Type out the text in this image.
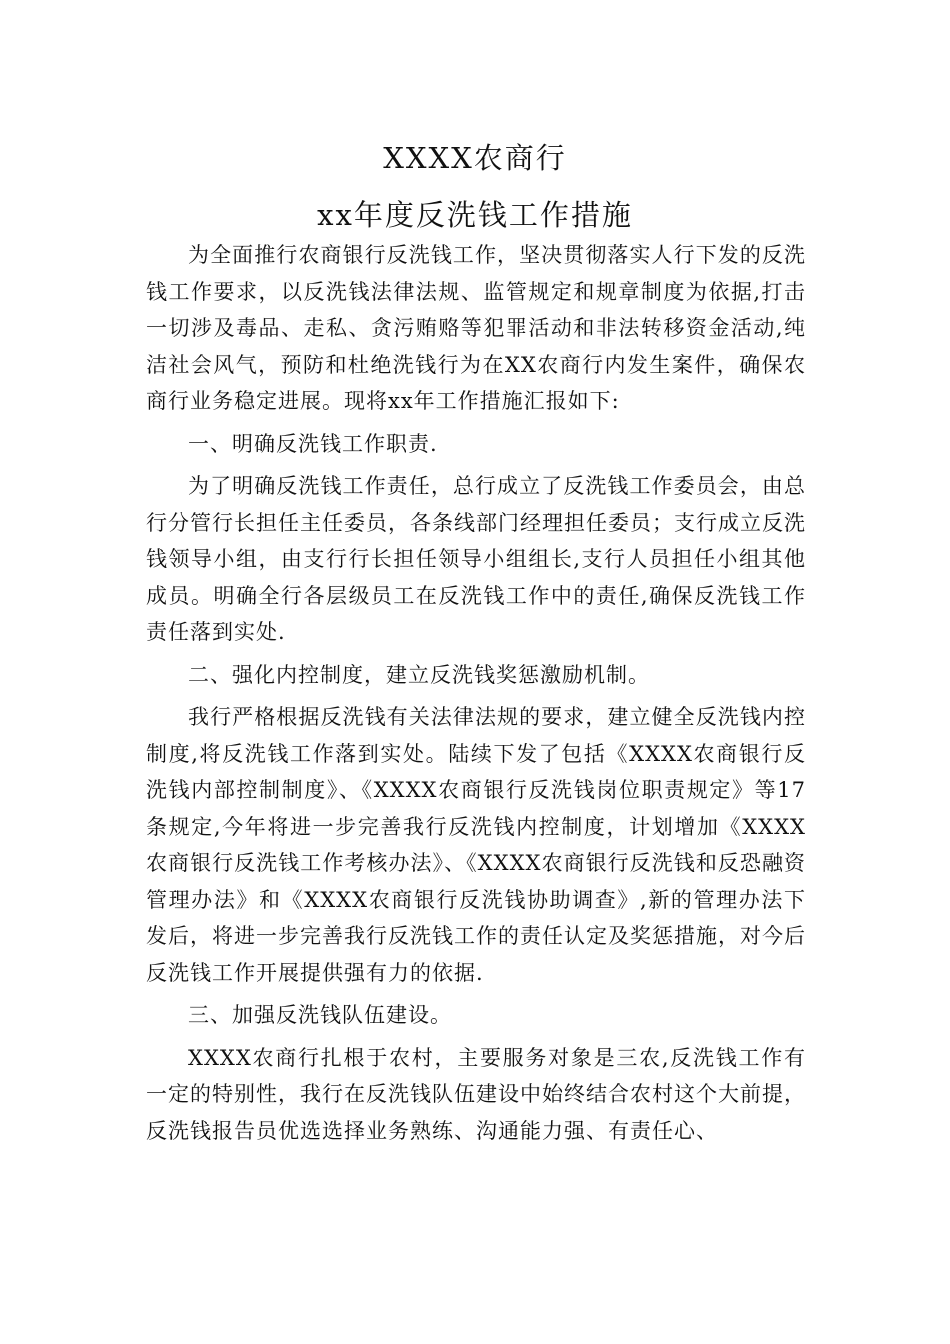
XXXX农商行
xx年度反洗钱工作措施

为全面推行农商银行反洗钱工作，坚决贯彻落实人行下发的反洗钱工作要求，以反洗钱法律法规、监管规定和规章制度为依据,打击一切涉及毒品、走私、贪污贿赂等犯罪活动和非法转移资金活动,纯洁社会风气，预防和杜绝洗钱行为在XX农商行内发生案件，确保农商行业务稳定进展。现将xx年工作措施汇报如下:

一、明确反洗钱工作职责.

为了明确反洗钱工作责任，总行成立了反洗钱工作委员会，由总行分管行长担任主任委员，各条线部门经理担任委员；支行成立反洗钱领导小组，由支行行长担任领导小组组长,支行人员担任小组其他成员。明确全行各层级员工在反洗钱工作中的责任,确保反洗钱工作责任落到实处.

二、强化内控制度，建立反洗钱奖惩激励机制。

我行严格根据反洗钱有关法律法规的要求，建立健全反洗钱内控制度,将反洗钱工作落到实处。陆续下发了包括《XXXX农商银行反洗钱内部控制制度》、《XXXX农商银行反洗钱岗位职责规定》等17条规定,今年将进一步完善我行反洗钱内控制度，计划增加《XXXX农商银行反洗钱工作考核办法》、《XXXX农商银行反洗钱和反恐融资管理办法》和《XXXX农商银行反洗钱协助调查》,新的管理办法下发后，将进一步完善我行反洗钱工作的责任认定及奖惩措施，对今后反洗钱工作开展提供强有力的依据.

三、加强反洗钱队伍建设。

XXXX农商行扎根于农村，主要服务对象是三农,反洗钱工作有一定的特别性，我行在反洗钱队伍建设中始终结合农村这个大前提，反洗钱报告员优选选择业务熟练、沟通能力强、有责任心、
